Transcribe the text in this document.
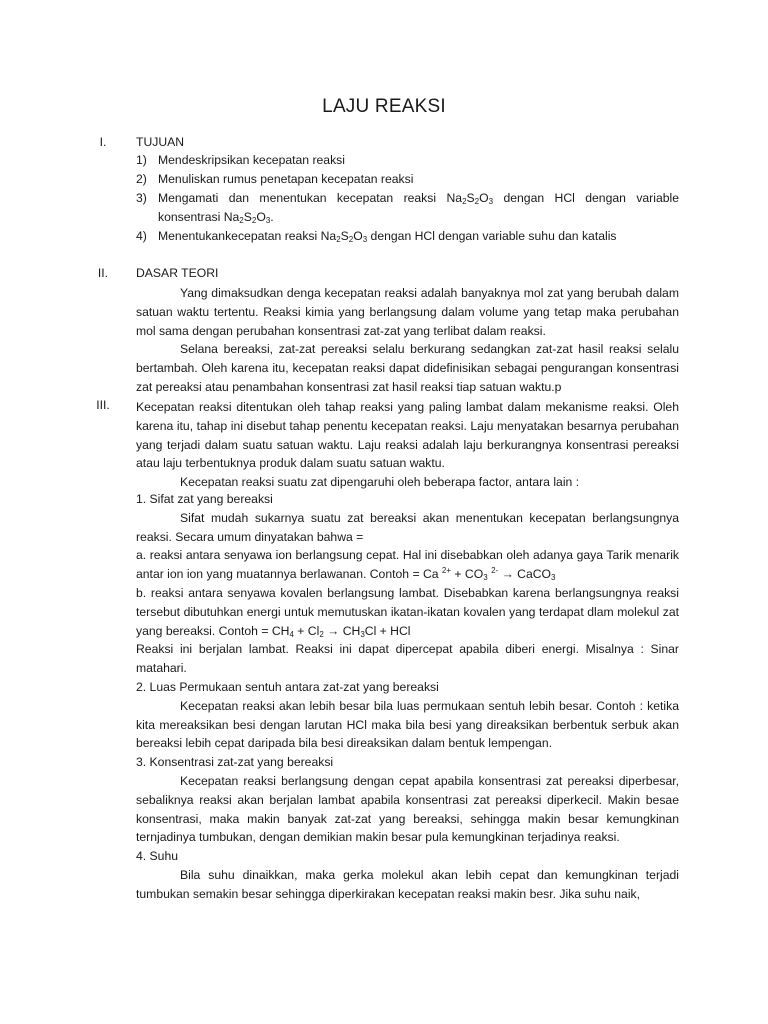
LAJU REAKSI
I.	TUJUAN
1) Mendeskripsikan kecepatan reaksi
2) Menuliskan rumus penetapan kecepatan reaksi
3) Mengamati dan menentukan kecepatan reaksi $Na_2S_2O_3$ dengan HCl dengan variable konsentrasi $Na_2S_2O_3$.
4) Menentukankecepatan reaksi $Na_2S_2O_3$ dengan HCl dengan variable suhu dan katalis
II.	DASAR TEORI

Yang dimaksudkan denga kecepatan reaksi adalah banyaknya mol zat yang berubah dalam satuan waktu tertentu. Reaksi kimia yang berlangsung dalam volume yang tetap maka perubahan mol sama dengan perubahan konsentrasi zat-zat yang terlibat dalam reaksi.

Selana bereaksi, zat-zat pereaksi selalu berkurang sedangkan zat-zat hasil reaksi selalu bertambah. Oleh karena itu, kecepatan reaksi dapat didefinisikan sebagai pengurangan konsentrasi zat pereaksi atau penambahan konsentrasi zat hasil reaksi tiap satuan waktu.p

III.	Kecepatan reaksi ditentukan oleh tahap reaksi yang paling lambat dalam mekanisme reaksi. Oleh karena itu, tahap ini disebut tahap penentu kecepatan reaksi. Laju menyatakan besarnya perubahan yang terjadi dalam suatu satuan waktu. Laju reaksi adalah laju berkurangnya konsentrasi pereaksi atau laju terbentuknya produk dalam suatu satuan waktu.

Kecepatan reaksi suatu zat dipengaruhi oleh beberapa factor, antara lain :

1. Sifat zat yang bereaksi

Sifat mudah sukarnya suatu zat bereaksi akan menentukan kecepatan berlangsungnya reaksi. Secara umum dinyatakan bahwa =

a. reaksi antara senyawa ion berlangsung cepat. Hal ini disebabkan oleh adanya gaya Tarik menarik antar ion ion yang muatannya berlawanan. Contoh = Ca $^{2+} + CO_3$ $^{2-}$ → CaCO$_3$

b. reaksi antara senyawa kovalen berlangsung lambat. Disebabkan karena berlangsungnya reaksi tersebut dibutuhkan energi untuk memutuskan ikatan-ikatan kovalen yang terdapat dlam molekul zat yang bereaksi. Contoh = $CH_4 + Cl_2 \to CH_3Cl$ + HCl

Reaksi ini berjalan lambat. Reaksi ini dapat dipercepat apabila diberi energi. Misalnya : Sinar matahari.

2. Luas Permukaan sentuh antara zat-zat yang bereaksi

Kecepatan reaksi akan lebih besar bila luas permukaan sentuh lebih besar. Contoh : ketika kita mereaksikan besi dengan larutan HCl maka bila besi yang direaksikan berbentuk serbuk akan bereaksi lebih cepat daripada bila besi direaksikan dalam bentuk lempengan.

3. Konsentrasi zat-zat yang bereaksi

Kecepatan reaksi berlangsung dengan cepat apabila konsentrasi zat pereaksi diperbesar, sebaliknya reaksi akan berjalan lambat apabila konsentrasi zat pereaksi diperkecil. Makin besae konsentrasi, maka makin banyak zat-zat yang bereaksi, sehingga makin besar kemungkinan ternjadinya tumbukan, dengan demikian makin besar pula kemungkinan terjadinya reaksi.

4. Suhu

Bila suhu dinaikkan, maka gerka molekul akan lebih cepat dan kemungkinan terjadi tumbukan semakin besar sehingga diperkirakan kecepatan reaksi makin besr. Jika suhu naik,
